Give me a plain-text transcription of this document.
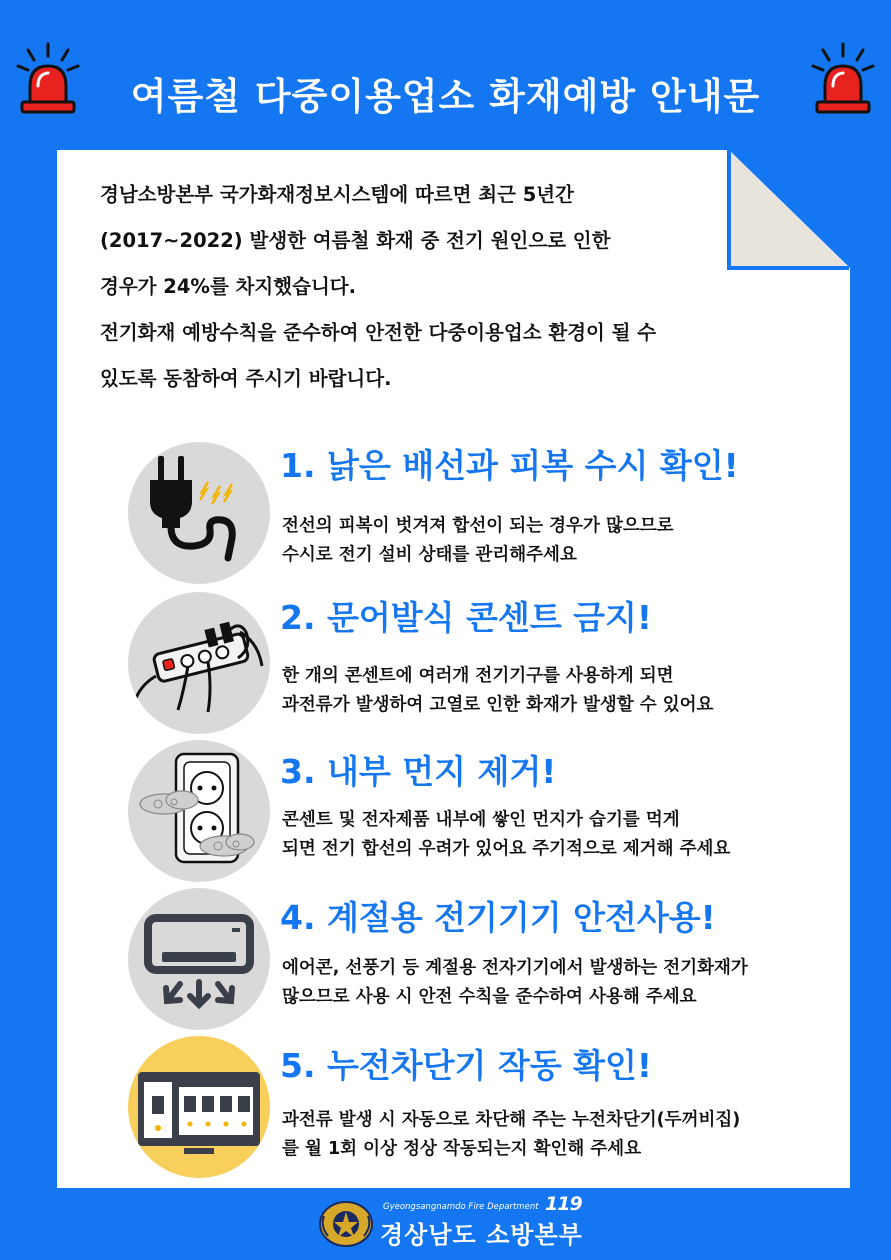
여름철 다중이용업소 화재예방 안내문

경남소방본부 국가화재정보시스템에 따르면 최근 5년간

(2017~2022) 발생한 여름철 화재 중 전기 원인으로 인한

경우가 24%를 차지했습니다.

전기화재 예방수칙을 준수하여 안전한 다중이용업소 환경이 될 수

있도록 동참하여 주시기 바랍니다.

1. 낡은 배선과 피복 수시 확인!
전선의 피복이 벗겨져 합선이 되는 경우가 많으므로
수시로 전기 설비 상태를 관리해주세요
2. 문어발식 콘센트 금지!
한 개의 콘센트에 여러개 전기기구를 사용하게 되면
과전류가 발생하여 고열로 인한 화재가 발생할 수 있어요
3. 내부 먼지 제거!
콘센트 및 전자제품 내부에 쌓인 먼지가 습기를 먹게
되면 전기 합선의 우려가 있어요 주기적으로 제거해 주세요
4. 계절용 전기기기 안전사용!
에어콘, 선풍기 등 계절용 전자기기에서 발생하는 전기화재가
많으므로 사용 시 안전 수칙을 준수하여 사용해 주세요
5. 누전차단기 작동 확인!
과전류 발생 시 자동으로 차단해 주는 누전차단기(두꺼비집)
를 월 1회 이상 정상 작동되는지 확인해 주세요
Gyeongsangnamdo Fire Department 119
경상남도 소방본부
